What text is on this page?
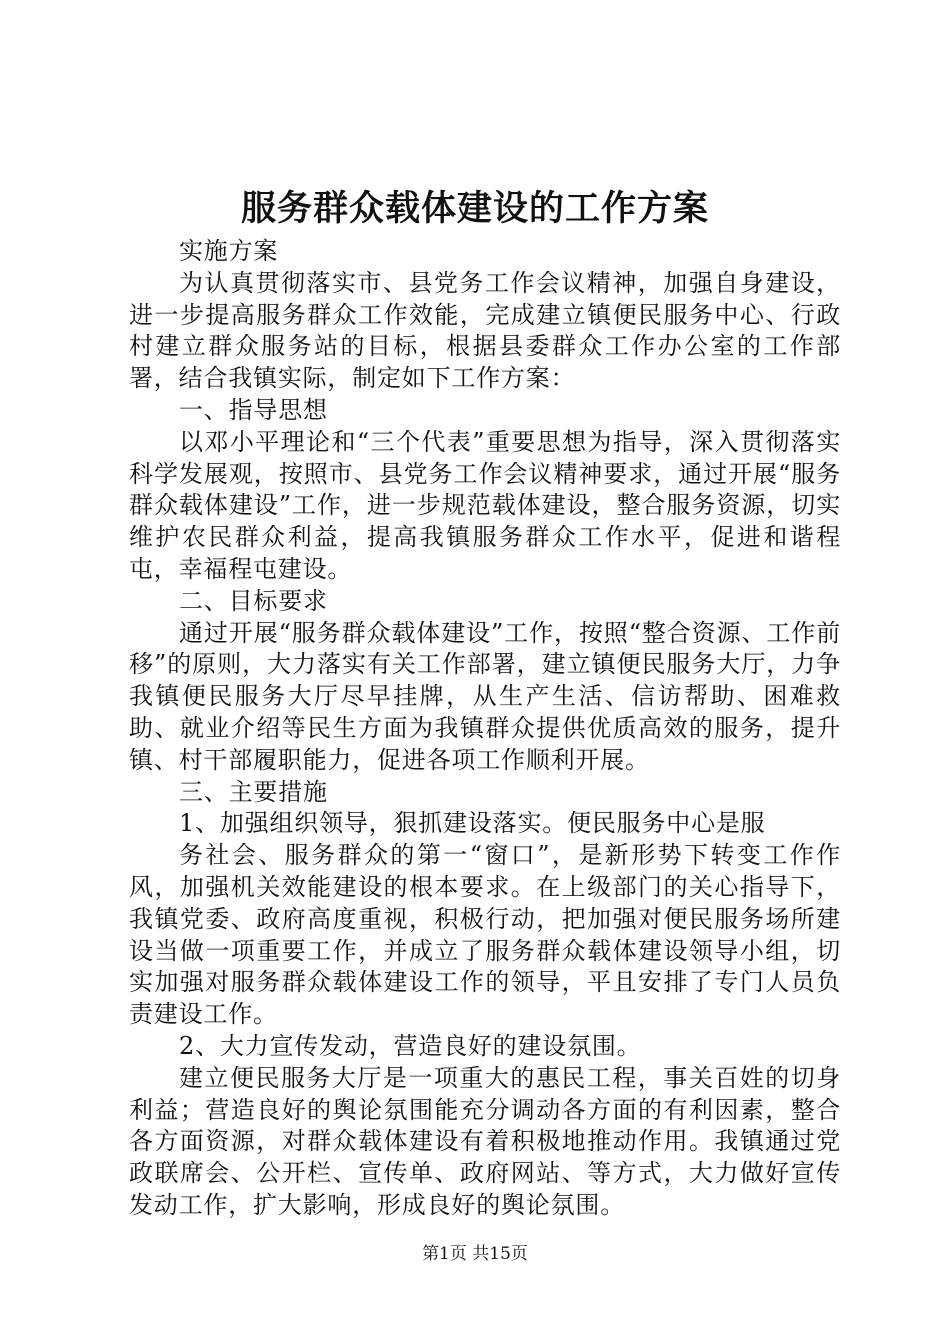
服务群众载体建设的工作方案

实施方案

为认真贯彻落实市、县党务工作会议精神，加强自身建设，进一步提高服务群众工作效能，完成建立镇便民服务中心、行政村建立群众服务站的目标，根据县委群众工作办公室的工作部署，结合我镇实际，制定如下工作方案：

一、指导思想

以邓小平理论和“三个代表”重要思想为指导，深入贯彻落实科学发展观，按照市、县党务工作会议精神要求，通过开展“服务群众载体建设”工作，进一步规范载体建设，整合服务资源，切实维护农民群众利益，提高我镇服务群众工作水平，促进和谐程屯，幸福程屯建设。

二、目标要求

通过开展“服务群众载体建设”工作，按照“整合资源、工作前移”的原则，大力落实有关工作部署，建立镇便民服务大厅，力争我镇便民服务大厅尽早挂牌，从生产生活、信访帮助、困难救助、就业介绍等民生方面为我镇群众提供优质高效的服务，提升镇、村干部履职能力，促进各项工作顺利开展。

三、主要措施

1、加强组织领导，狠抓建设落实。便民服务中心是服

务社会、服务群众的第一“窗口”，是新形势下转变工作作风，加强机关效能建设的根本要求。在上级部门的关心指导下，我镇党委、政府高度重视，积极行动，把加强对便民服务场所建设当做一项重要工作，并成立了服务群众载体建设领导小组，切实加强对服务群众载体建设工作的领导，平且安排了专门人员负责建设工作。

2、大力宣传发动，营造良好的建设氛围。

建立便民服务大厅是一项重大的惠民工程，事关百姓的切身利益；营造良好的舆论氛围能充分调动各方面的有利因素，整合各方面资源，对群众载体建设有着积极地推动作用。我镇通过党政联席会、公开栏、宣传单、政府网站、等方式，大力做好宣传发动工作，扩大影响，形成良好的舆论氛围。

第1页 共15页
